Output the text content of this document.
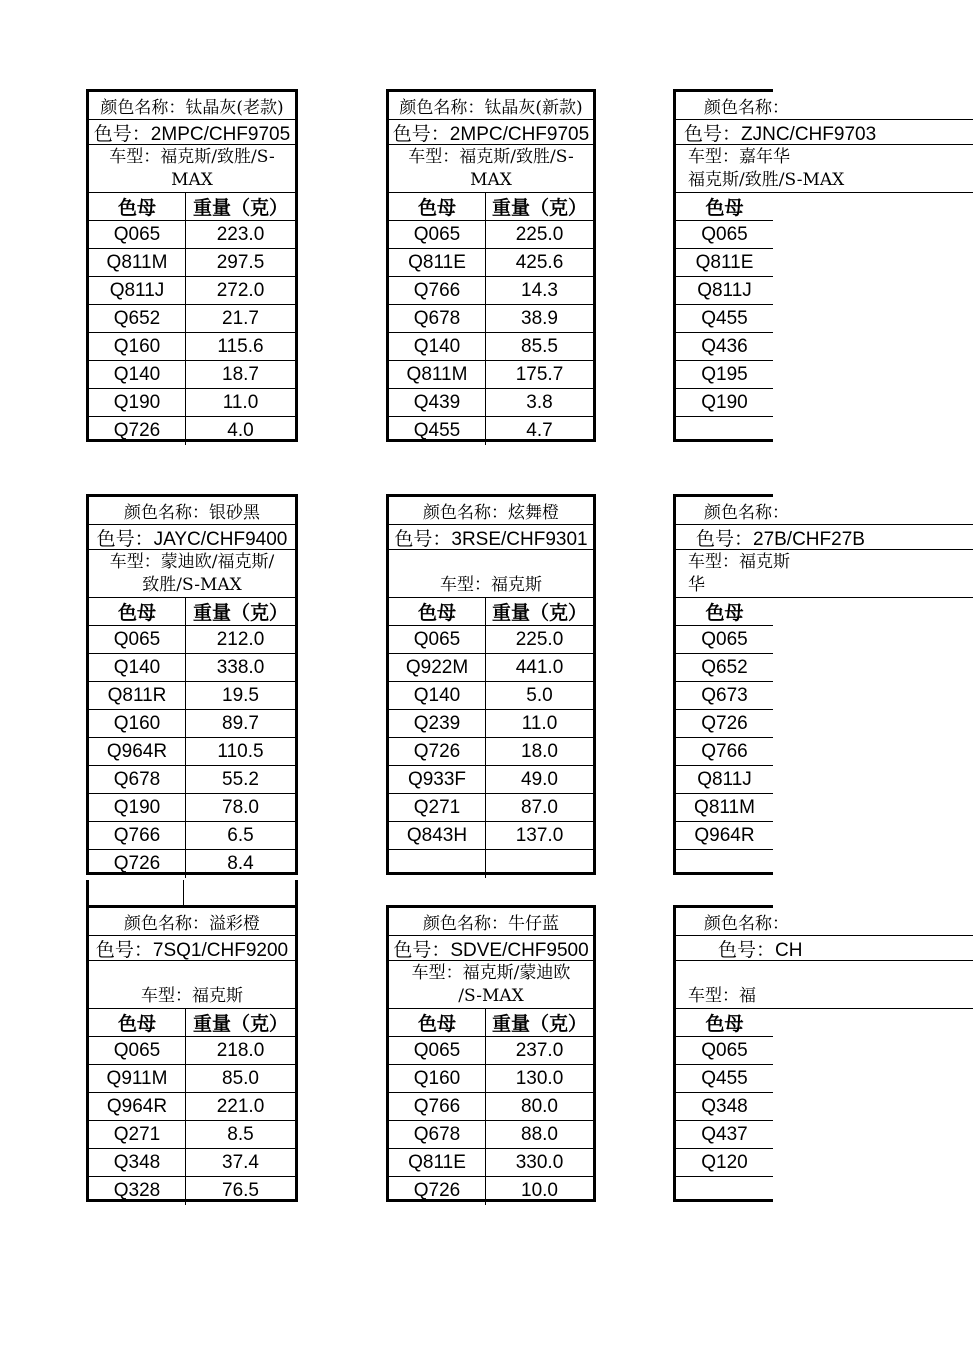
颜色名称：钛晶灰(老款)
色号：2MPC/CHF9705
车型：福克斯/致胜/S-
MAX
色母	重量（克）
Q065	223.0
Q811M	297.5
Q811J	272.0
Q652	21.7
Q160	115.6
Q140	18.7
Q190	11.0
Q726	4.0
颜色名称：钛晶灰(新款)
色号：2MPC/CHF9705
车型：福克斯/致胜/S-
MAX
色母	重量（克）
Q065	225.0
Q811E	425.6
Q766	14.3
Q678	38.9
Q140	85.5
Q811M	175.7
Q439	3.8
Q455	4.7
颜色名称：
色号：ZJNC/CHF9703
车型：嘉年华
福克斯/致胜/S-MAX
色母
Q065
Q811E
Q811J
Q455
Q436
Q195
Q190
颜色名称：银砂黑
色号：JAYC/CHF9400
车型：蒙迪欧/福克斯/
致胜/S-MAX
色母	重量（克）
Q065	212.0
Q140	338.0
Q811R	19.5
Q160	89.7
Q964R	110.5
Q678	55.2
Q190	78.0
Q766	6.5
Q726	8.4
颜色名称：炫舞橙
色号：3RSE/CHF9301

车型：福克斯
色母	重量（克）
Q065	225.0
Q922M	441.0
Q140	5.0
Q239	11.0
Q726	18.0
Q933F	49.0
Q271	87.0
Q843H	137.0
颜色名称：
色号：27B/CHF27B
车型：福克斯
华
色母
Q065
Q652
Q673
Q726
Q766
Q811J
Q811M
Q964R
颜色名称：溢彩橙
色号：7SQ1/CHF9200

车型：福克斯
色母	重量（克）
Q065	218.0
Q911M	85.0
Q964R	221.0
Q271	8.5
Q348	37.4
Q328	76.5
颜色名称：牛仔蓝
色号：SDVE/CHF9500
车型：福克斯/蒙迪欧
/S-MAX
色母	重量（克）
Q065	237.0
Q160	130.0
Q766	80.0
Q678	88.0
Q811E	330.0
Q726	10.0
颜色名称：
色号：CH

车型：福
色母
Q065
Q455
Q348
Q437
Q120
